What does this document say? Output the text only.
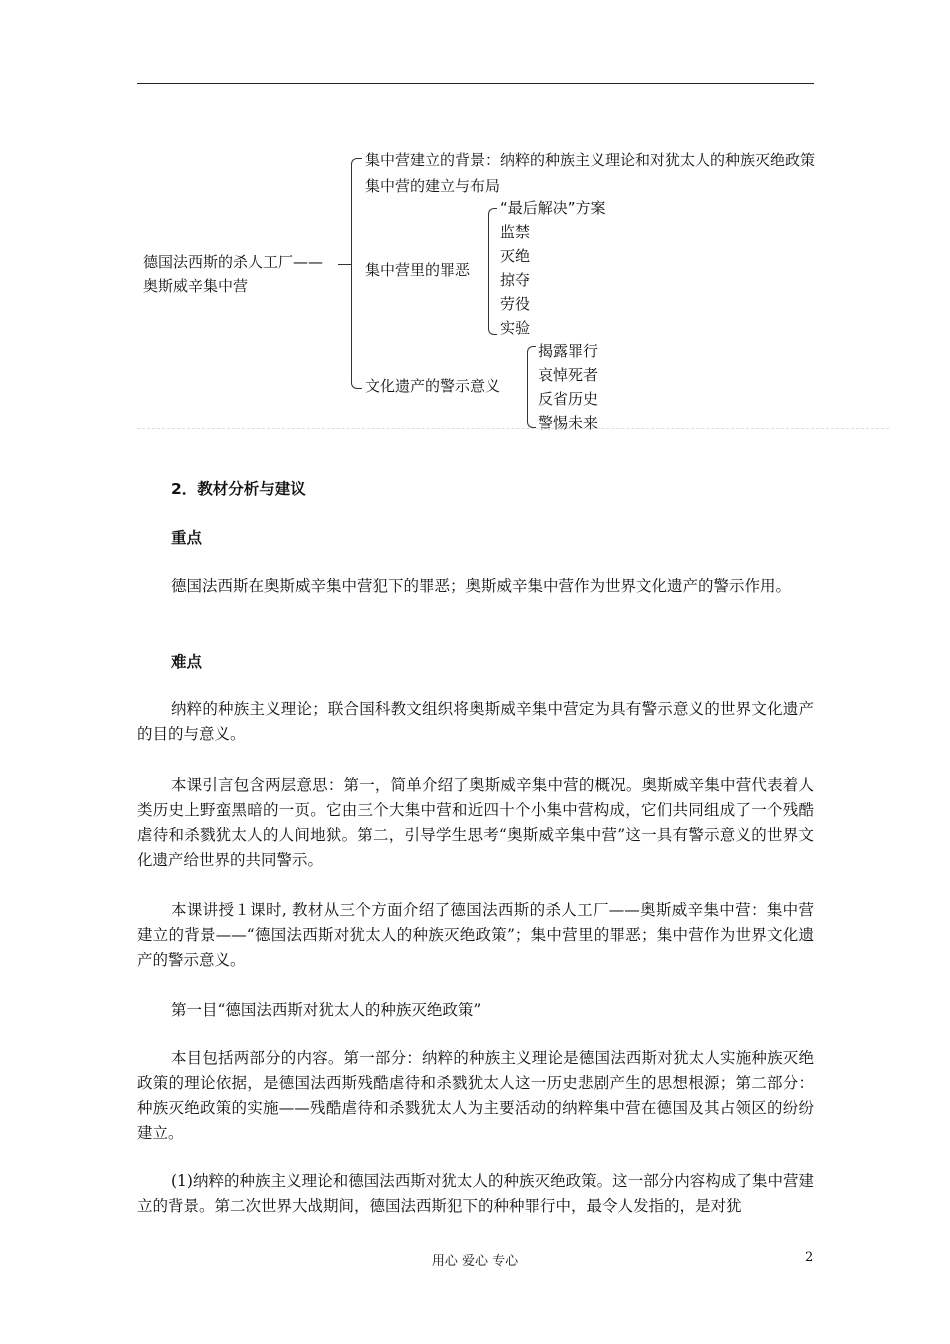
德国法西斯的杀人工厂——
奥斯威辛集中营
集中营建立的背景：纳粹的种族主义理论和对犹太人的种族灭绝政策
集中营的建立与布局
集中营里的罪恶
文化遗产的警示意义
“最后解决”方案
监禁
灭绝
掠夺
劳役
实验
揭露罪行
哀悼死者
反省历史
警惕未来
2．教材分析与建议
重点
德国法西斯在奥斯威辛集中营犯下的罪恶；奥斯威辛集中营作为世界文化遗产的警示作用。
难点
纳粹的种族主义理论；联合国科教文组织将奥斯威辛集中营定为具有警示意义的世界文化遗产的目的与意义。
本课引言包含两层意思：第一，简单介绍了奥斯威辛集中营的概况。奥斯威辛集中营代表着人类历史上野蛮黑暗的一页。它由三个大集中营和近四十个小集中营构成，它们共同组成了一个残酷虐待和杀戮犹太人的人间地狱。第二，引导学生思考“奥斯威辛集中营”这一具有警示意义的世界文化遗产给世界的共同警示。
本课讲授１课时, 教材从三个方面介绍了德国法西斯的杀人工厂——奥斯威辛集中营：集中营建立的背景——“德国法西斯对犹太人的种族灭绝政策”；集中营里的罪恶；集中营作为世界文化遗产的警示意义。
第一目“德国法西斯对犹太人的种族灭绝政策”
本目包括两部分的内容。第一部分：纳粹的种族主义理论是德国法西斯对犹太人实施种族灭绝政策的理论依据，是德国法西斯残酷虐待和杀戮犹太人这一历史悲剧产生的思想根源；第二部分：种族灭绝政策的实施——残酷虐待和杀戮犹太人为主要活动的纳粹集中营在德国及其占领区的纷纷建立。
(1)纳粹的种族主义理论和德国法西斯对犹太人的种族灭绝政策。这一部分内容构成了集中营建立的背景。第二次世界大战期间，德国法西斯犯下的种种罪行中，最令人发指的，是对犹
用心 爱心 专心	2
